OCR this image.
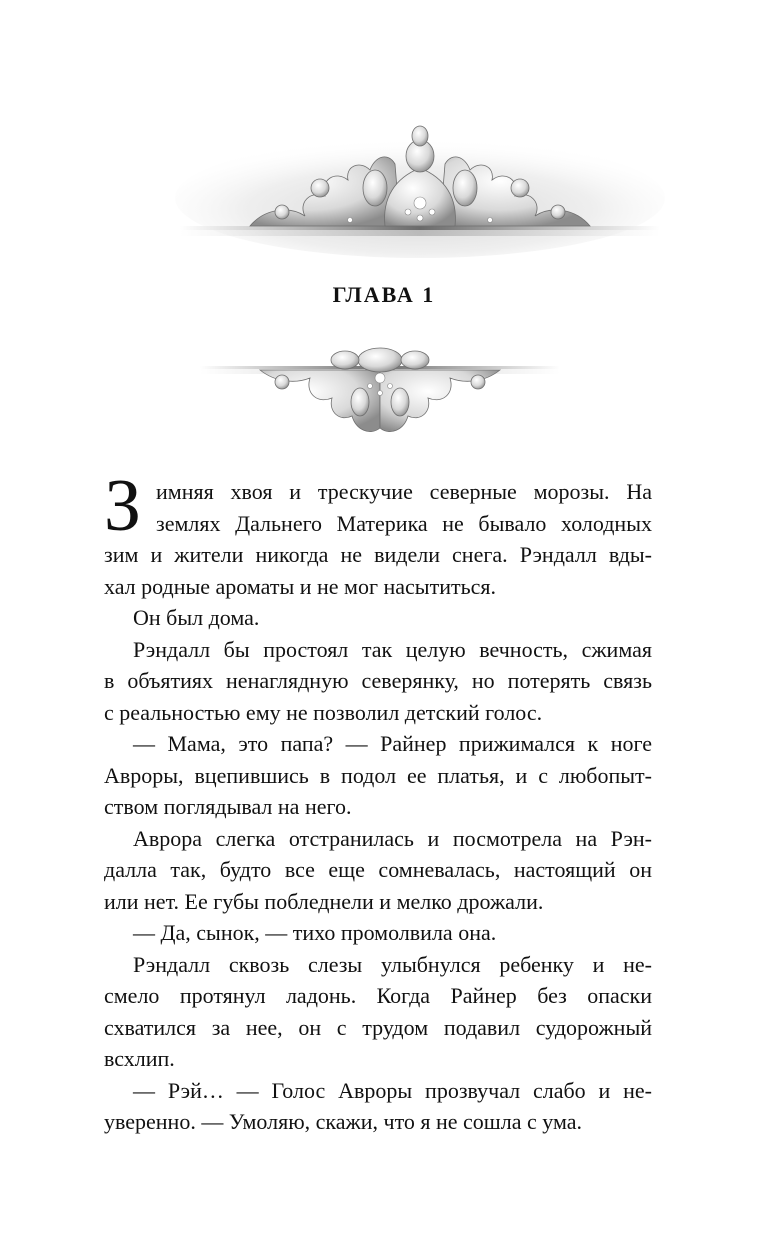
ГЛАВА 1
З имняя хвоя и трескучие северные морозы. На
землях Дальнего Материка не бывало холодных
зим и жители никогда не видели снега. Рэндалл вды-
хал родные ароматы и не мог насытиться.
Он был дома.
Рэндалл бы простоял так целую вечность, сжимая
в объятиях ненаглядную северянку, но потерять связь
с реальностью ему не позволил детский голос.
— Мама, это папа? — Райнер прижимался к ноге
Авроры, вцепившись в подол ее платья, и с любопыт-
ством поглядывал на него.
Аврора слегка отстранилась и посмотрела на Рэн-
далла так, будто все еще сомневалась, настоящий он
или нет. Ее губы побледнели и мелко дрожали.
— Да, сынок, — тихо промолвила она.
Рэндалл сквозь слезы улыбнулся ребенку и не-
смело протянул ладонь. Когда Райнер без опаски
схватился за нее, он с трудом подавил судорожный
всхлип.
— Рэй… — Голос Авроры прозвучал слабо и не-
уверенно. — Умоляю, скажи, что я не сошла с ума.
